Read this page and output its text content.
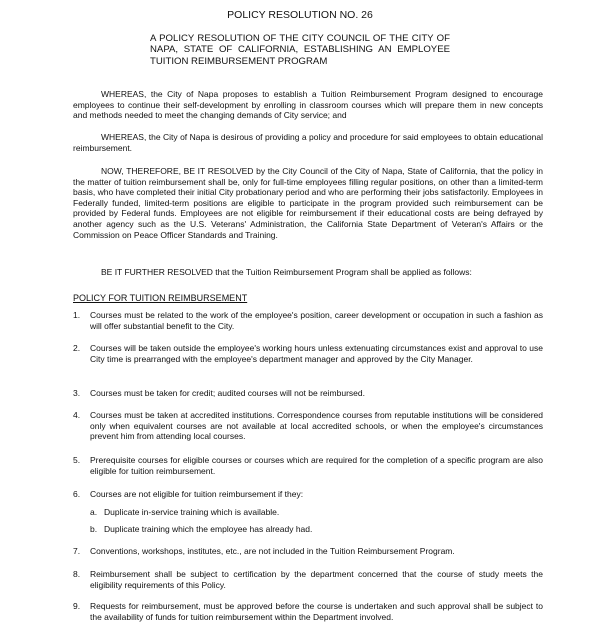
POLICY RESOLUTION NO. 26
A POLICY RESOLUTION OF THE CITY COUNCIL OF THE CITY OF NAPA, STATE OF CALIFORNIA, ESTABLISHING AN EMPLOYEE TUITION REIMBURSEMENT PROGRAM

WHEREAS, the City of Napa proposes to establish a Tuition Reimbursement Program designed to encourage employees to continue their self-development by enrolling in classroom courses which will prepare them in new concepts and methods needed to meet the changing demands of City service; and

WHEREAS, the City of Napa is desirous of providing a policy and procedure for said employees to obtain educational reimbursement.

NOW, THEREFORE, BE IT RESOLVED by the City Council of the City of Napa, State of California, that the policy in the matter of tuition reimbursement shall be, only for full-time employees filling regular positions, on other than a limited-term basis, who have completed their initial City probationary period and who are performing their jobs satisfactorily. Employees in Federally funded, limited-term positions are eligible to participate in the program provided such reimbursement can be provided by Federal funds. Employees are not eligible for reimbursement if their educational costs are being defrayed by another agency such as the U.S. Veterans' Administration, the California State Department of Veteran's Affairs or the Commission on Peace Officer Standards and Training.

BE IT FURTHER RESOLVED that the Tuition Reimbursement Program shall be applied as follows:

POLICY FOR TUITION REIMBURSEMENT
1.	Courses must be related to the work of the employee's position, career development or occupation in such a fashion as will offer substantial benefit to the City.
2.	Courses will be taken outside the employee's working hours unless extenuating circumstances exist and approval to use City time is prearranged with the employee's department manager and approved by the City Manager.
3.	Courses must be taken for credit; audited courses will not be reimbursed.
4.	Courses must be taken at accredited institutions. Correspondence courses from reputable institutions will be considered only when equivalent courses are not available at local accredited schools, or when the employee's circumstances prevent him from attending local courses.
5.	Prerequisite courses for eligible courses or courses which are required for the completion of a specific program are also eligible for tuition reimbursement.
6.	Courses are not eligible for tuition reimbursement if they:
a. Duplicate in-service training which is available.
b. Duplicate training which the employee has already had.
7.	Conventions, workshops, institutes, etc., are not included in the Tuition Reimbursement Program.
8.	Reimbursement shall be subject to certification by the department concerned that the course of study meets the eligibility requirements of this Policy.
9.	Requests for reimbursement, must be approved before the course is undertaken and such approval shall be subject to the availability of funds for tuition reimbursement within the Department involved.
